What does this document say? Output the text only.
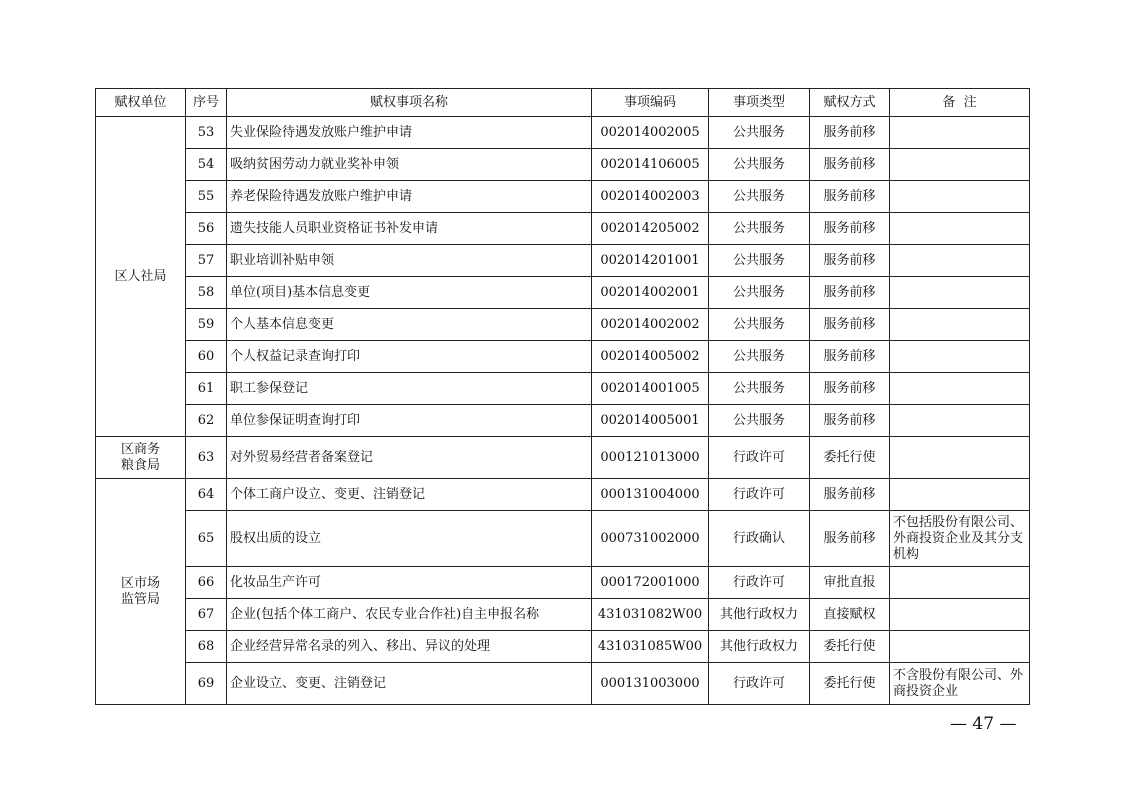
赋权单位	序号	赋权事项名称	事项编码	事项类型	赋权方式	备  注
区人社局	53	失业保险待遇发放账户维护申请	002014002005	公共服务	服务前移	
	54	吸纳贫困劳动力就业奖补申领	002014106005	公共服务	服务前移	
	55	养老保险待遇发放账户维护申请	002014002003	公共服务	服务前移	
	56	遗失技能人员职业资格证书补发申请	002014205002	公共服务	服务前移	
	57	职业培训补贴申领	002014201001	公共服务	服务前移	
	58	单位(项目)基本信息变更	002014002001	公共服务	服务前移	
	59	个人基本信息变更	002014002002	公共服务	服务前移	
	60	个人权益记录查询打印	002014005002	公共服务	服务前移	
	61	职工参保登记	002014001005	公共服务	服务前移	
	62	单位参保证明查询打印	002014005001	公共服务	服务前移	

区商务
粮食局	63	对外贸易经营者备案登记	000121013000	行政许可	委托行使	

区市场
监管局	64	个体工商户设立、变更、注销登记	000131004000	行政许可	服务前移	
	65	股权出质的设立	000731002000	行政确认	服务前移	不包括股份有限公司、外商投资企业及其分支机构
	66	化妆品生产许可	000172001000	行政许可	审批直报	
	67	企业(包括个体工商户、农民专业合作社)自主申报名称	431031082W00	其他行政权力	直接赋权	
	68	企业经营异常名录的列入、移出、异议的处理	431031085W00	其他行政权力	委托行使	
	69	企业设立、变更、注销登记	000131003000	行政许可	委托行使	不含股份有限公司、外商投资企业
— 47 —
